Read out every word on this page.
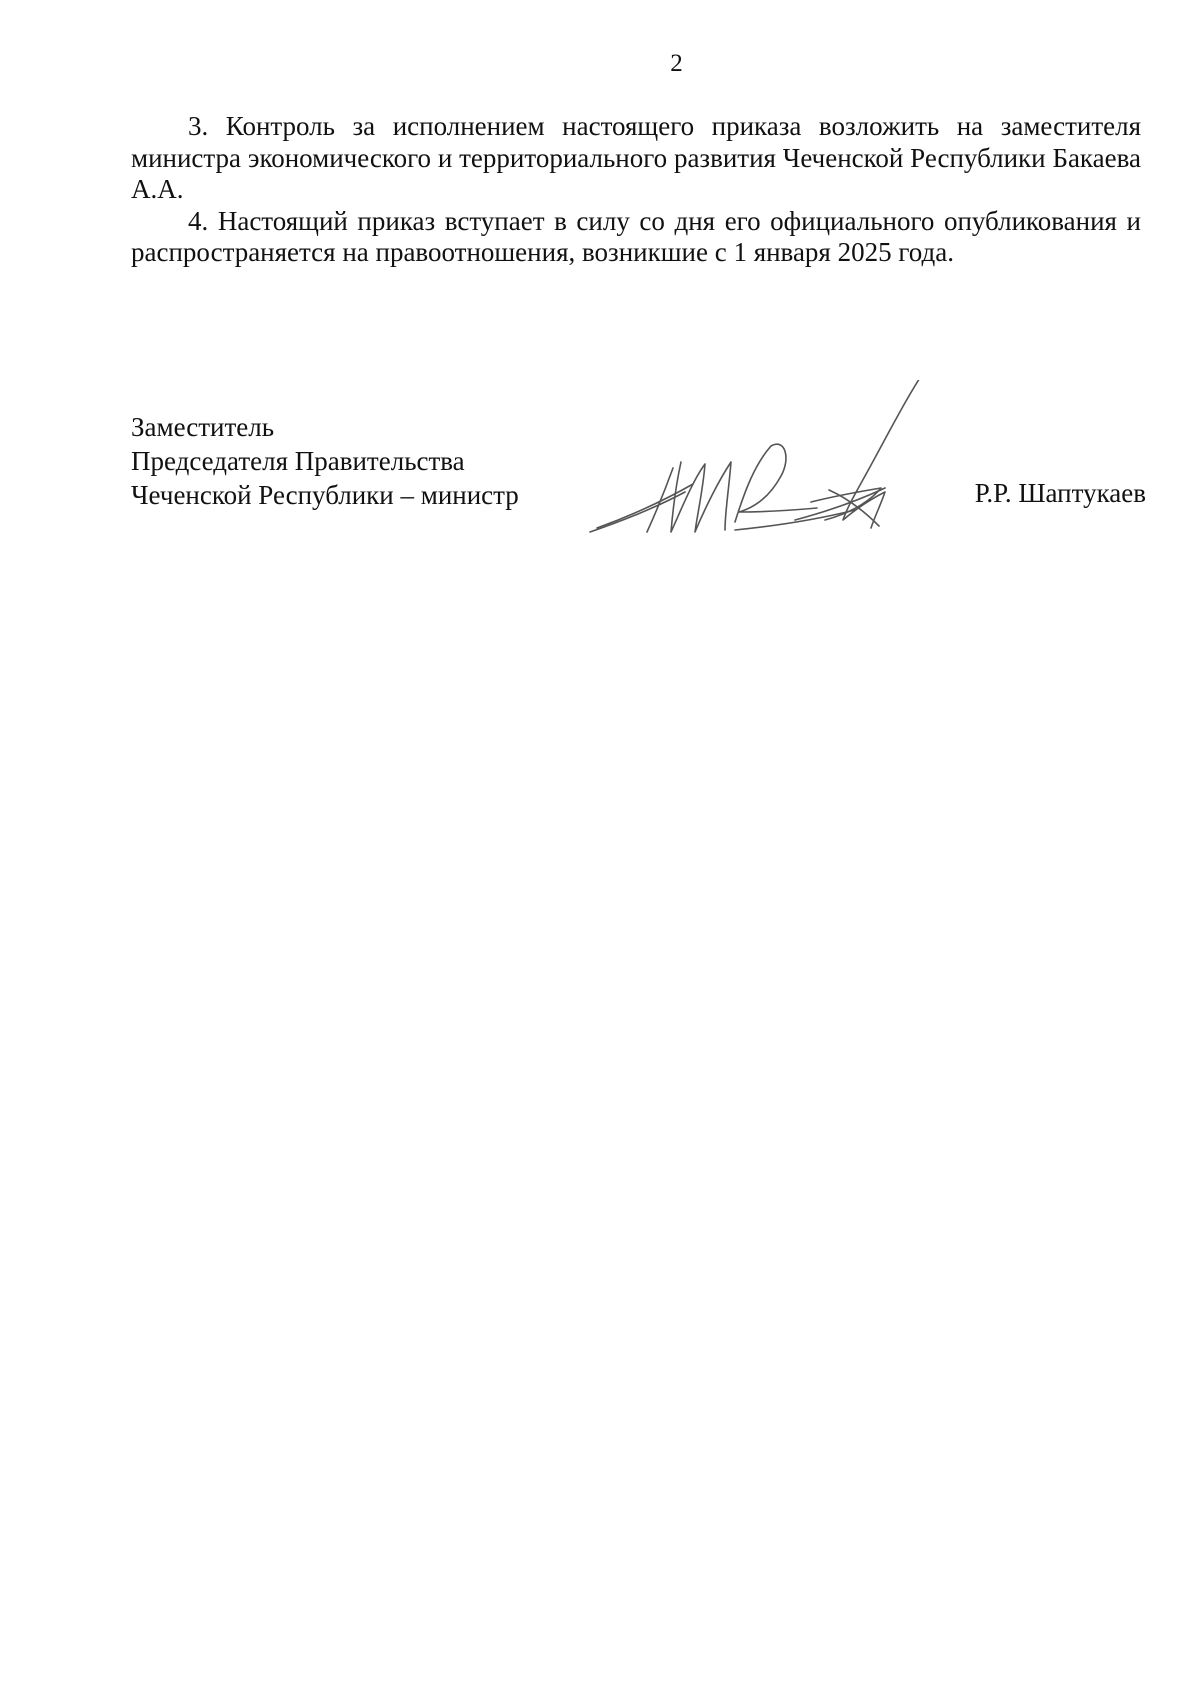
2

3. Контроль за исполнением настоящего приказа возложить на заместителя министра экономического и территориального развития Чеченской Республики Бакаева А.А.

4. Настоящий приказ вступает в силу со дня его официального опубликования и распространяется на правоотношения, возникшие с 1 января 2025 года.

Заместитель
Председателя Правительства
Чеченской Республики – министр	Р.Р. Шаптукаев
